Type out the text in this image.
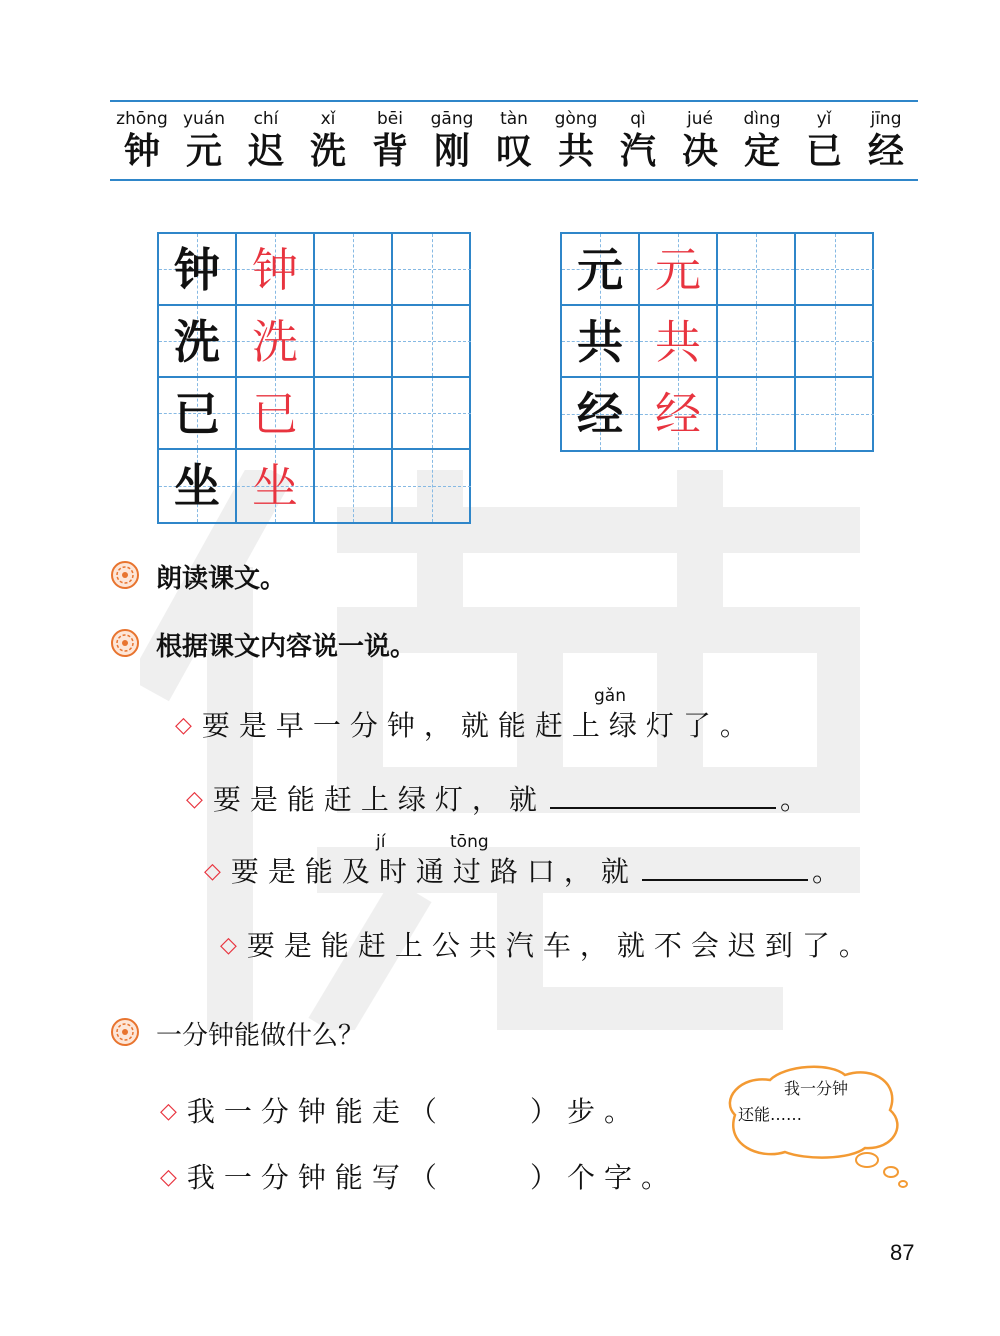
zhōng
钟
yuán
元
chí
迟
xǐ
洗
bēi
背
gāng
刚
tàn
叹
gòng
共
qì
汽
jué
决
dìng
定
yǐ
已
jīng
经
钟 钟
洗 洗
已 已
坐 坐
元 元
共 共
经 经
朗读课文。
根据课文内容说一说。
gǎn
◇ 要是早一分钟，就能赶上绿灯了。
◇ 要是能赶上绿灯，就	。
jí	tōng
◇ 要是能及时通过路口，就	。
◇ 要是能赶上公共汽车，就不会迟到了。
一分钟能做什么？
◇ 我一分钟能走（	）步。
◇ 我一分钟能写（	）个字。
我一分钟
还能……
87
